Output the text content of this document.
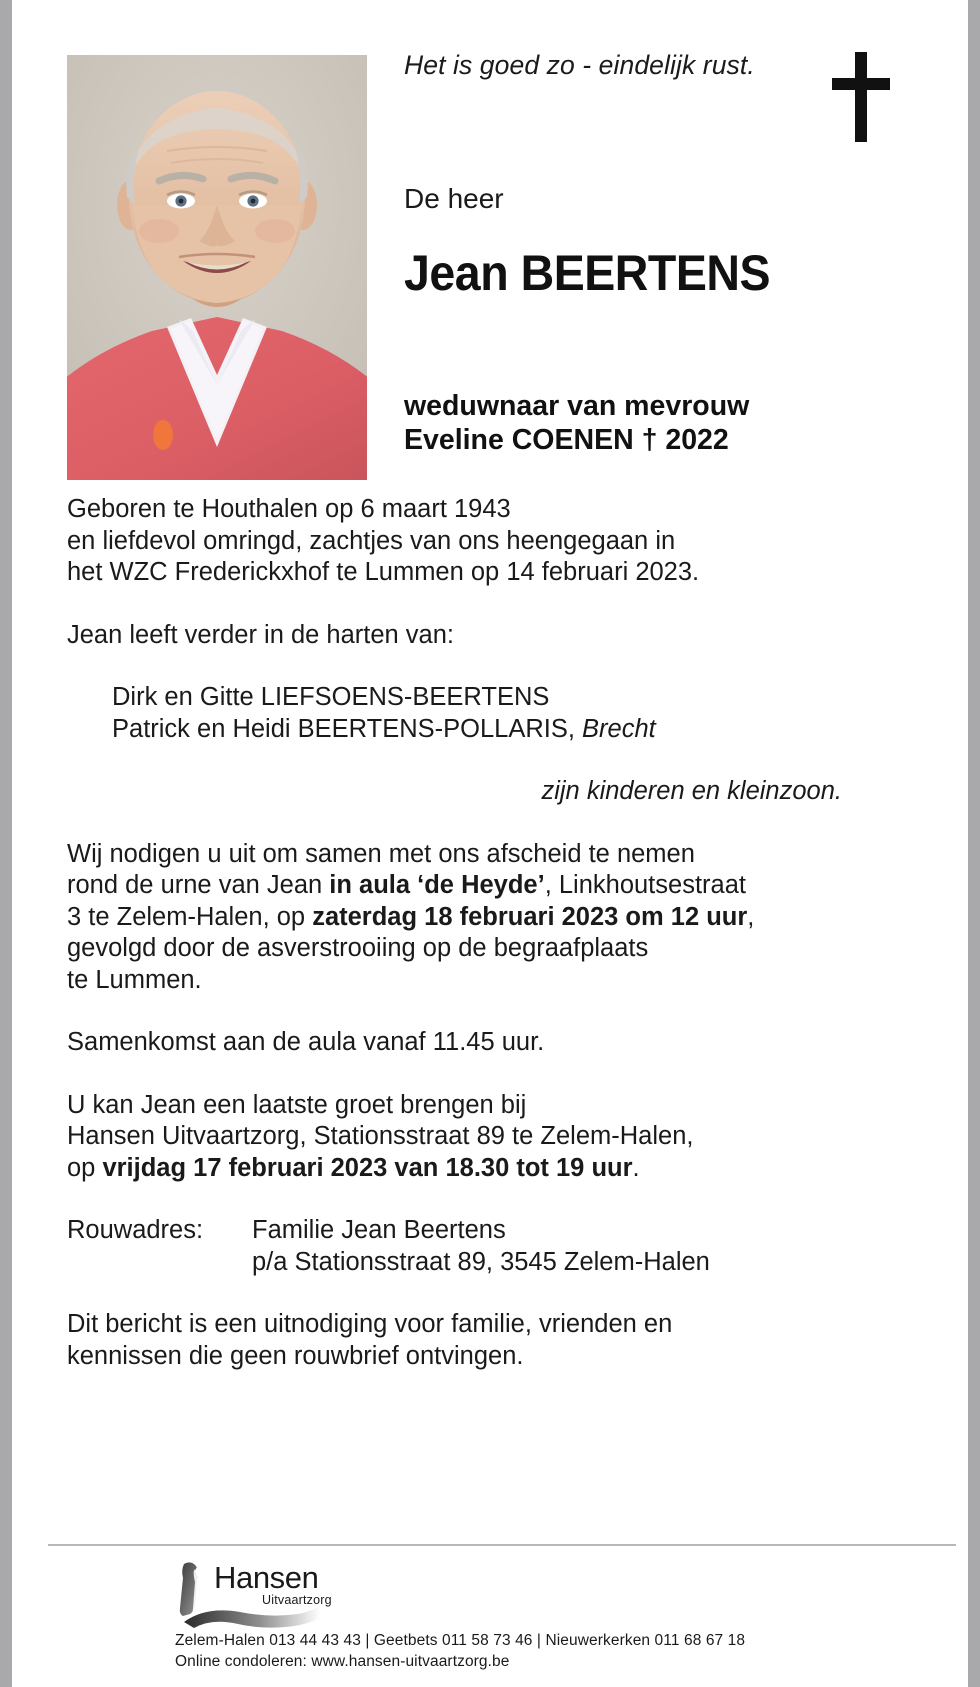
Het is goed zo - eindelijk rust.
De heer
Jean BEERTENS
weduwnaar van mevrouw
Eveline COENEN † 2022

Geboren te Houthalen op 6 maart 1943

en liefdevol omringd, zachtjes van ons heengegaan in

het WZC Frederickxhof te Lummen op 14 februari 2023.

Jean leeft verder in de harten van:

Dirk en Gitte LIEFSOENS-BEERTENS

Patrick en Heidi BEERTENS-POLLARIS, Brecht

zijn kinderen en kleinzoon.

Wij nodigen u uit om samen met ons afscheid te nemen

rond de urne van Jean in aula ‘de Heyde’, Linkhoutsestraat

3 te Zelem-Halen, op zaterdag 18 februari 2023 om 12 uur,

gevolgd door de asverstrooiing op de begraafplaats

te Lummen.

Samenkomst aan de aula vanaf 11.45 uur.

U kan Jean een laatste groet brengen bij

Hansen Uitvaartzorg, Stationsstraat 89 te Zelem-Halen,

op vrijdag 17 februari 2023 van 18.30 tot 19 uur.

Rouwadres:	Familie Jean Beertens
p/a Stationsstraat 89, 3545 Zelem-Halen

Dit bericht is een uitnodiging voor familie, vrienden en

kennissen die geen rouwbrief ontvingen.

Hansen
Uitvaartzorg
Zelem-Halen 013 44 43 43 | Geetbets 011 58 73 46 | Nieuwerkerken 011 68 67 18
Online condoleren: www.hansen-uitvaartzorg.be
